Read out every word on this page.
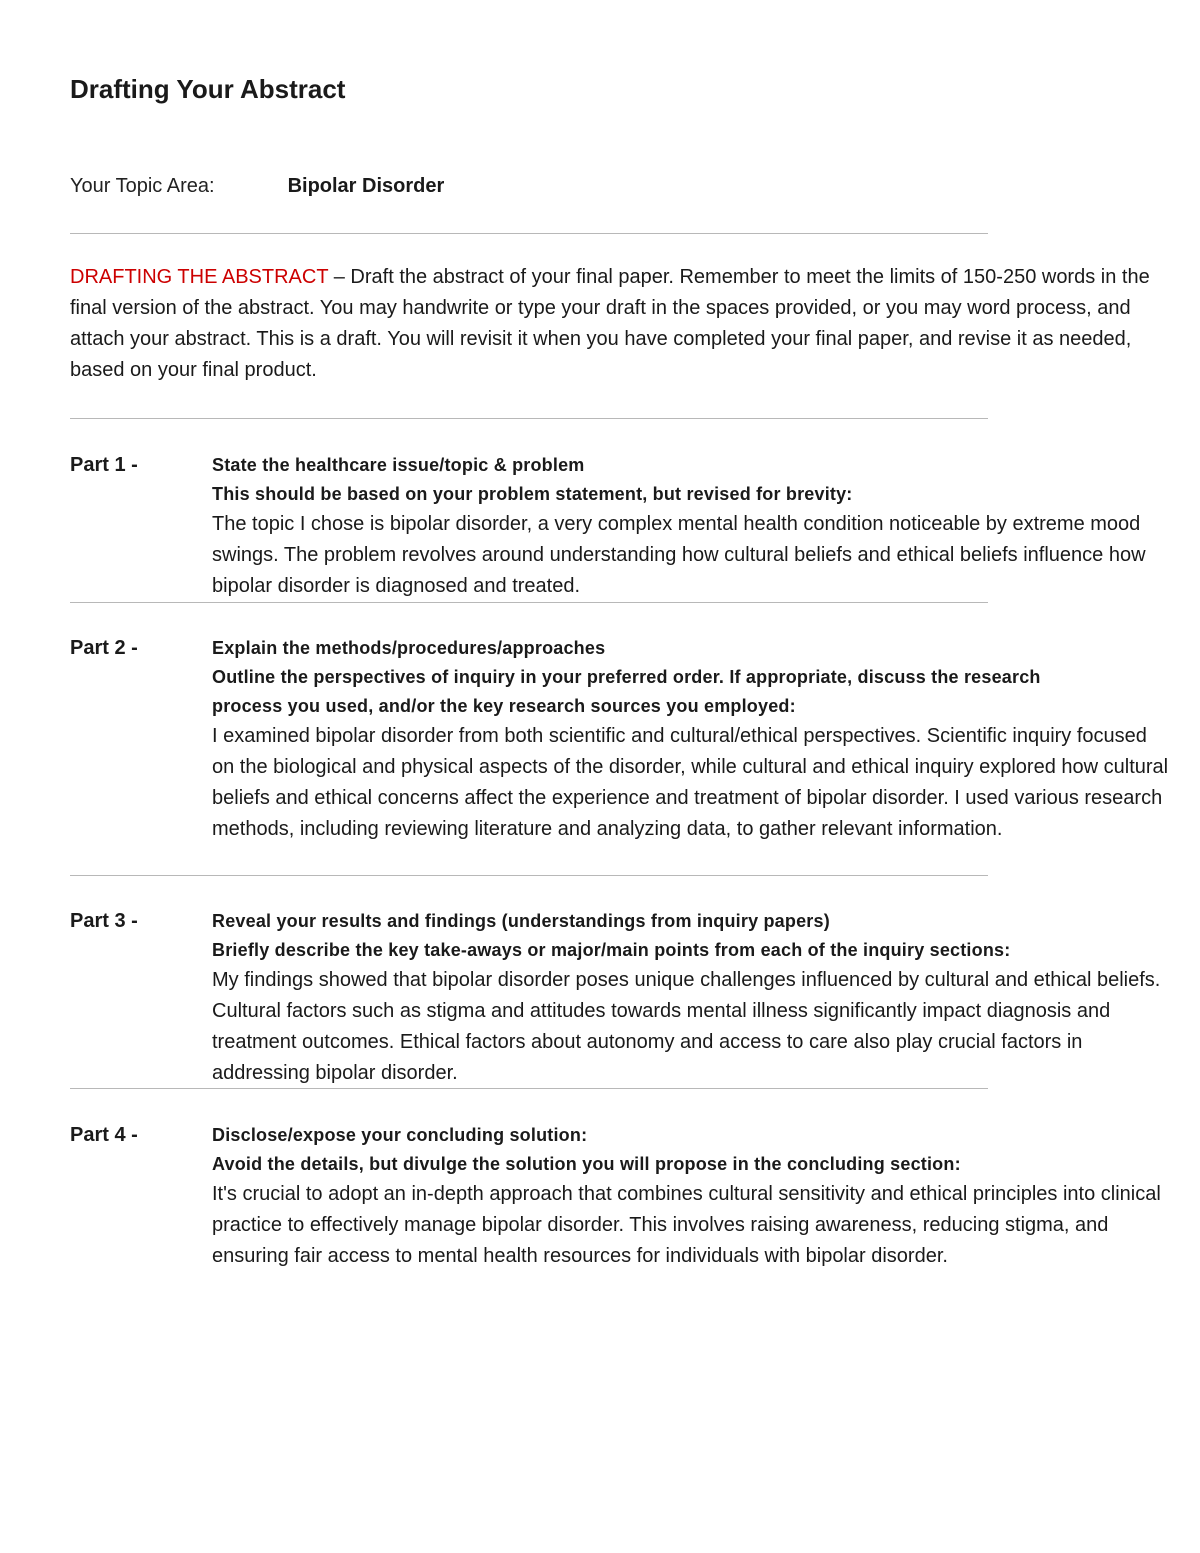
Drafting Your Abstract
Your Topic Area:	Bipolar Disorder

DRAFTING THE ABSTRACT – Draft the abstract of your final paper. Remember to meet the limits of 150-250 words in the final version of the abstract. You may handwrite or type your draft in the spaces provided, or you may word process, and attach your abstract. This is a draft. You will revisit it when you have completed your final paper, and revise it as needed, based on your final product.

Part 1 -	State the healthcare issue/topic & problem

This should be based on your problem statement, but revised for brevity:

The topic I chose is bipolar disorder, a very complex mental health condition noticeable by extreme mood swings. The problem revolves around understanding how cultural beliefs and ethical beliefs influence how bipolar disorder is diagnosed and treated.

Part 2 -	Explain the methods/procedures/approaches

Outline the perspectives of inquiry in your preferred order. If appropriate, discuss the research process you used, and/or the key research sources you employed:

I examined bipolar disorder from both scientific and cultural/ethical perspectives. Scientific inquiry focused on the biological and physical aspects of the disorder, while cultural and ethical inquiry explored how cultural beliefs and ethical concerns affect the experience and treatment of bipolar disorder. I used various research methods, including reviewing literature and analyzing data, to gather relevant information.

Part 3 -	Reveal your results and findings (understandings from inquiry papers)

Briefly describe the key take-aways or major/main points from each of the inquiry sections:

My findings showed that bipolar disorder poses unique challenges influenced by cultural and ethical beliefs. Cultural factors such as stigma and attitudes towards mental illness significantly impact diagnosis and treatment outcomes. Ethical factors about autonomy and access to care also play crucial factors in addressing bipolar disorder.

Part 4 -	Disclose/expose your concluding solution:

Avoid the details, but divulge the solution you will propose in the concluding section:

It's crucial to adopt an in-depth approach that combines cultural sensitivity and ethical principles into clinical practice to effectively manage bipolar disorder. This involves raising awareness, reducing stigma, and ensuring fair access to mental health resources for individuals with bipolar disorder.
